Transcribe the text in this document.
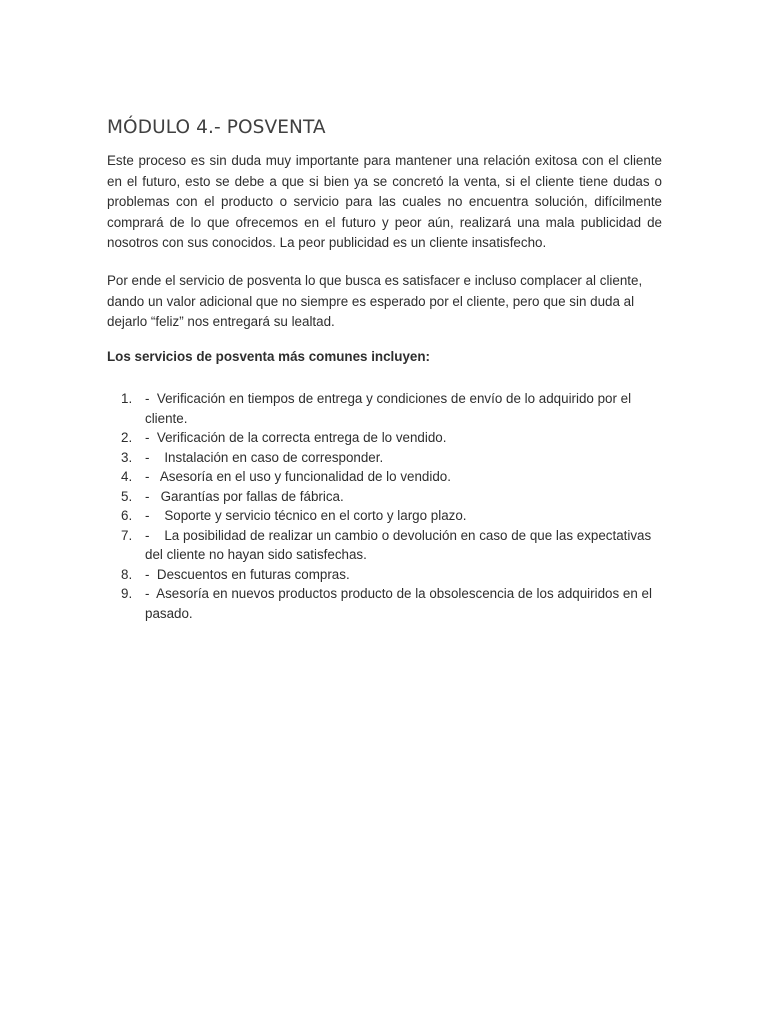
MÓDULO 4.- POSVENTA

Este proceso es sin duda muy importante para mantener una relación exitosa con el cliente en el futuro, esto se debe a que si bien ya se concretó la venta, si el cliente tiene dudas o problemas con el producto o servicio para las cuales no encuentra solución, difícilmente comprará de lo que ofrecemos en el futuro y peor aún, realizará una mala publicidad de nosotros con sus conocidos. La peor publicidad es un cliente insatisfecho.

Por ende el servicio de posventa lo que busca es satisfacer e incluso complacer al cliente, dando un valor adicional que no siempre es esperado por el cliente, pero que sin duda al dejarlo “feliz” nos entregará su lealtad.

Los servicios de posventa más comunes incluyen:

1. -  Verificación en tiempos de entrega y condiciones de envío de lo adquirido por el cliente.
2. -  Verificación de la correcta entrega de lo vendido.
3. -    Instalación en caso de corresponder.
4. -   Asesoría en el uso y funcionalidad de lo vendido.
5. -   Garantías por fallas de fábrica.
6. -    Soporte y servicio técnico en el corto y largo plazo.
7. -    La posibilidad de realizar un cambio o devolución en caso de que las expectativas del cliente no hayan sido satisfechas.
8. -  Descuentos en futuras compras.
9. -  Asesoría en nuevos productos producto de la obsolescencia de los adquiridos en el pasado.
